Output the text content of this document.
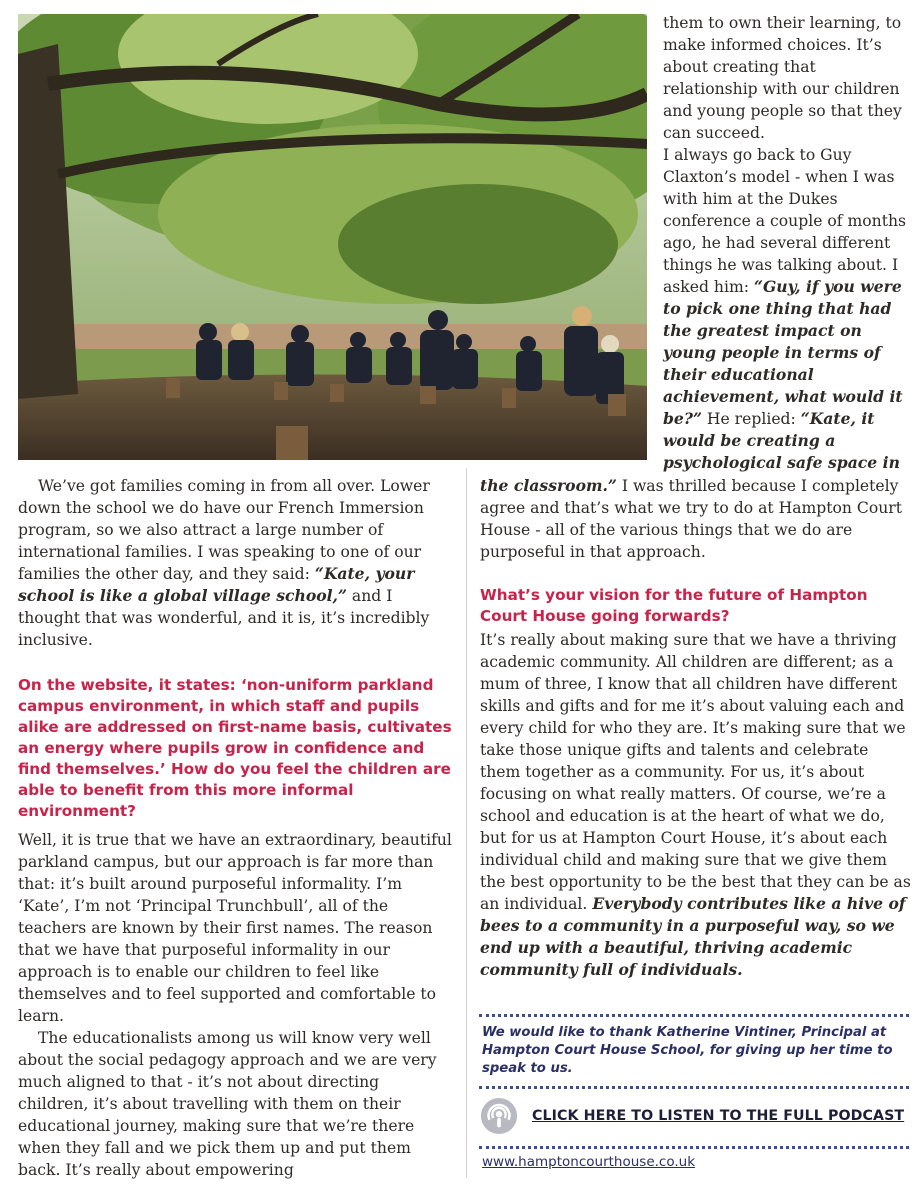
them to own their learning, to make informed choices. It’s about creating that relationship with our children and young people so that they can succeed.

I always go back to Guy Claxton’s model - when I was with him at the Dukes conference a couple of months ago, he had several different things he was talking about. I asked him: “Guy, if you were to pick one thing that had the greatest impact on young people in terms of their educational achievement, what would it be?” He replied: “Kate, it would be creating a psychological safe space in

the classroom.” I was thrilled because I completely agree and that’s what we try to do at Hampton Court House - all of the various things that we do are purposeful in that approach.

What’s your vision for the future of Hampton Court House going forwards?

It’s really about making sure that we have a thriving academic community. All children are different; as a mum of three, I know that all children have different skills and gifts and for me it’s about valuing each and every child for who they are. It’s making sure that we take those unique gifts and talents and celebrate them together as a community. For us, it’s about focusing on what really matters. Of course, we’re a school and education is at the heart of what we do, but for us at Hampton Court House, it’s about each individual child and making sure that we give them the best opportunity to be the best that they can be as an individual. Everybody contributes like a hive of bees to a community in a purposeful way, so we end up with a beautiful, thriving academic community full of individuals.

We’ve got families coming in from all over. Lower down the school we do have our French Immersion program, so we also attract a large number of international families. I was speaking to one of our families the other day, and they said: “Kate, your school is like a global village school,” and I thought that was wonderful, and it is, it’s incredibly inclusive.

On the website, it states: ‘non-uniform parkland campus environment, in which staff and pupils alike are addressed on first-name basis, cultivates an energy where pupils grow in confidence and find themselves.’ How do you feel the children are able to benefit from this more informal environment?

Well, it is true that we have an extraordinary, beautiful parkland campus, but our approach is far more than that: it’s built around purposeful informality. I’m ‘Kate’, I’m not ‘Principal Trunchbull’, all of the teachers are known by their first names. The reason that we have that purposeful informality in our approach is to enable our children to feel like themselves and to feel supported and comfortable to learn.

The educationalists among us will know very well about the social pedagogy approach and we are very much aligned to that - it’s not about directing children, it’s about travelling with them on their educational journey, making sure that we’re there when they fall and we pick them up and put them back. It’s really about empowering

We would like to thank Katherine Vintiner, Principal at Hampton Court House School, for giving up her time to speak to us.

CLICK HERE TO LISTEN TO THE FULL PODCAST
www.hamptoncourthouse.co.uk
